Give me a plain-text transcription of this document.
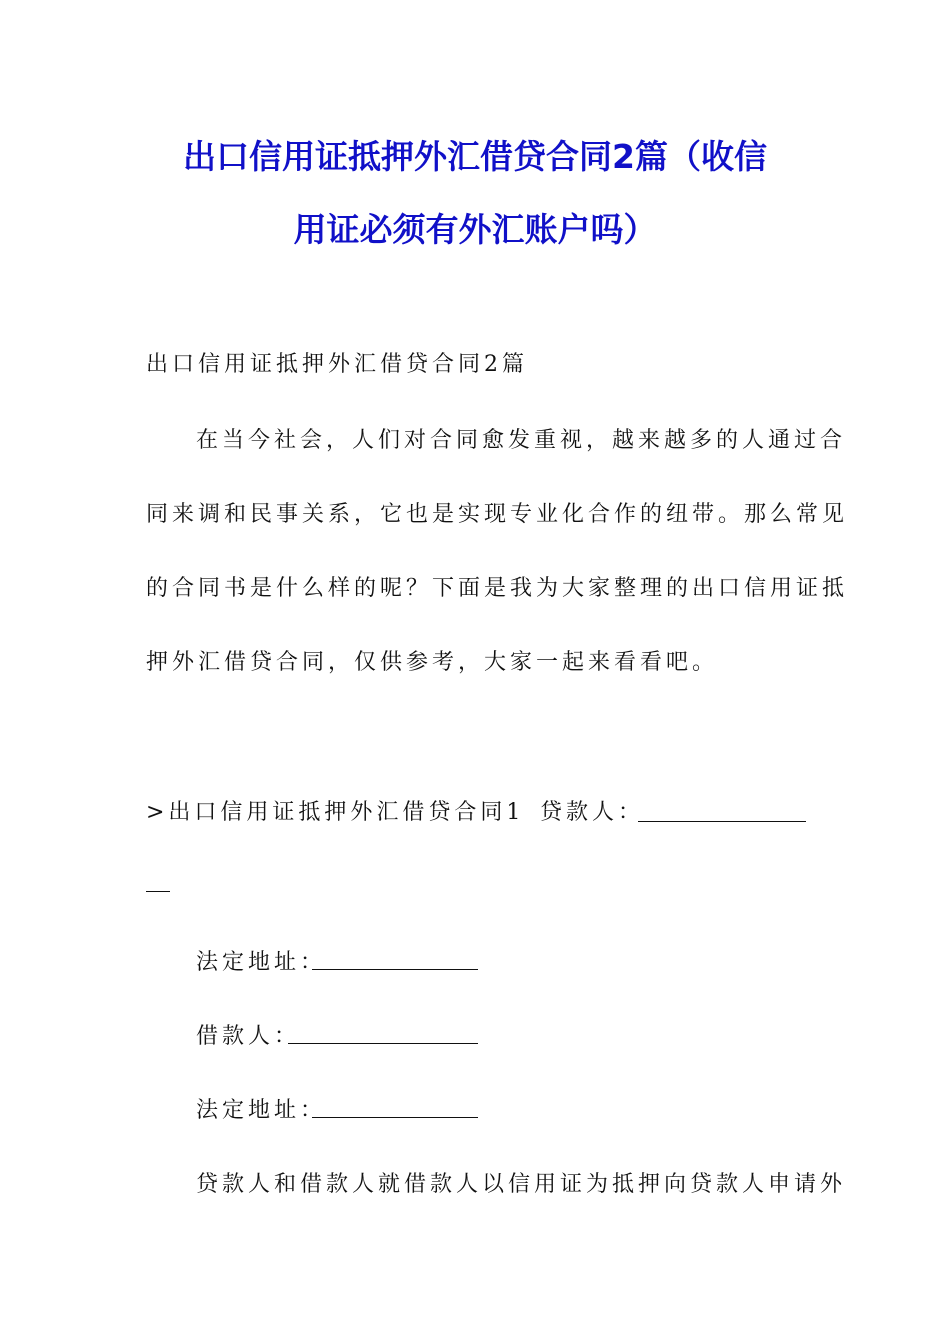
出口信用证抵押外汇借贷合同2篇（收信
用证必须有外汇账户吗）

出口信用证抵押外汇借贷合同2篇

在当今社会，人们对合同愈发重视，越来越多的人通过合

同来调和民事关系，它也是实现专业化合作的纽带。那么常见

的合同书是什么样的呢？下面是我为大家整理的出口信用证抵

押外汇借贷合同，仅供参考，大家一起来看看吧。

>出口信用证抵押外汇借贷合同1 贷款人：

法定地址：

借款人：

法定地址：

贷款人和借款人就借款人以信用证为抵押向贷款人申请外
